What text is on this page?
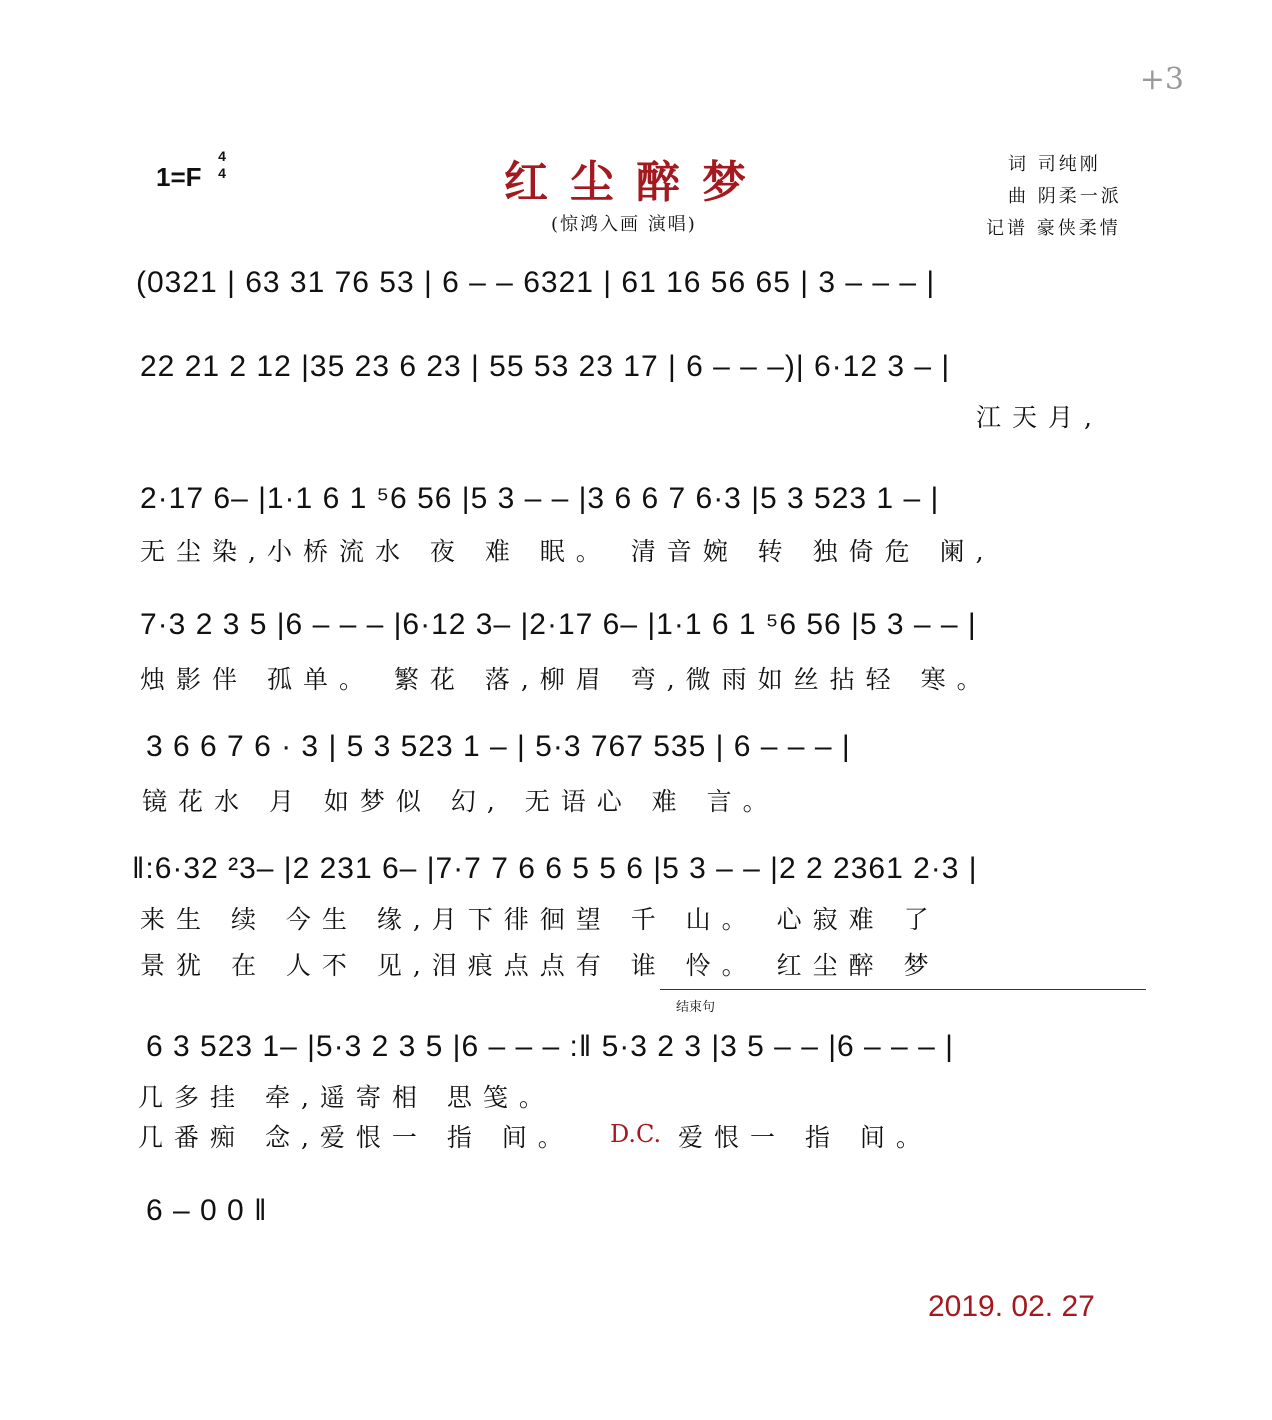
+3
1=F
4
4	红尘醉梦
(惊鸿入画 演唱)
词 司纯刚
曲 阴柔一派
记谱 豪侠柔情
(0321 | 63 31 76 53 | 6 – – 6321 | 61 16 56 65 | 3 – – – |
22 21 2 12 |35 23 6 23 | 55 53 23 17 | 6 – – –)| 6·12 3 – |
江天月,
2·17 6– |1·1 6 1 ⁵6 56 |5 3 – – |3 6 6 7 6·3 |5 3 523 1 – |
无尘染,小桥流水 夜 难 眠。 清音婉 转 独倚危 阑,
7·3 2 3 5 |6 – – – |6·12 3– |2·17 6– |1·1 6 1 ⁵6 56 |5 3 – – |
烛影伴 孤单。 繁花 落,柳眉 弯,微雨如丝拈轻 寒。
3 6 6 7 6 · 3 | 5 3 523 1 – | 5·3 767 535 | 6 – – – |
镜花水 月 如梦似 幻, 无语心 难 言。
‖:6·32 ²3– |2 231 6– |7·7 7 6 6 5 5 6 |5 3 – – |2 2 2361 2·3 |
来生 续 今生 缘,月下徘徊望 千 山。 心寂难 了
景犹 在 人不 见,泪痕点点有 谁 怜。 红尘醉 梦
结束句
6 3 523 1– |5·3 2 3 5 |6 – – – :‖ 5·3 2 3 |3 5 – – |6 – – – |
几多挂 牵,遥寄相 思笺。
几番痴 念,爱恨一 指 间。 D.C. 爱恨一 指 间。
6 – 0 0 ‖
2019. 02. 27
